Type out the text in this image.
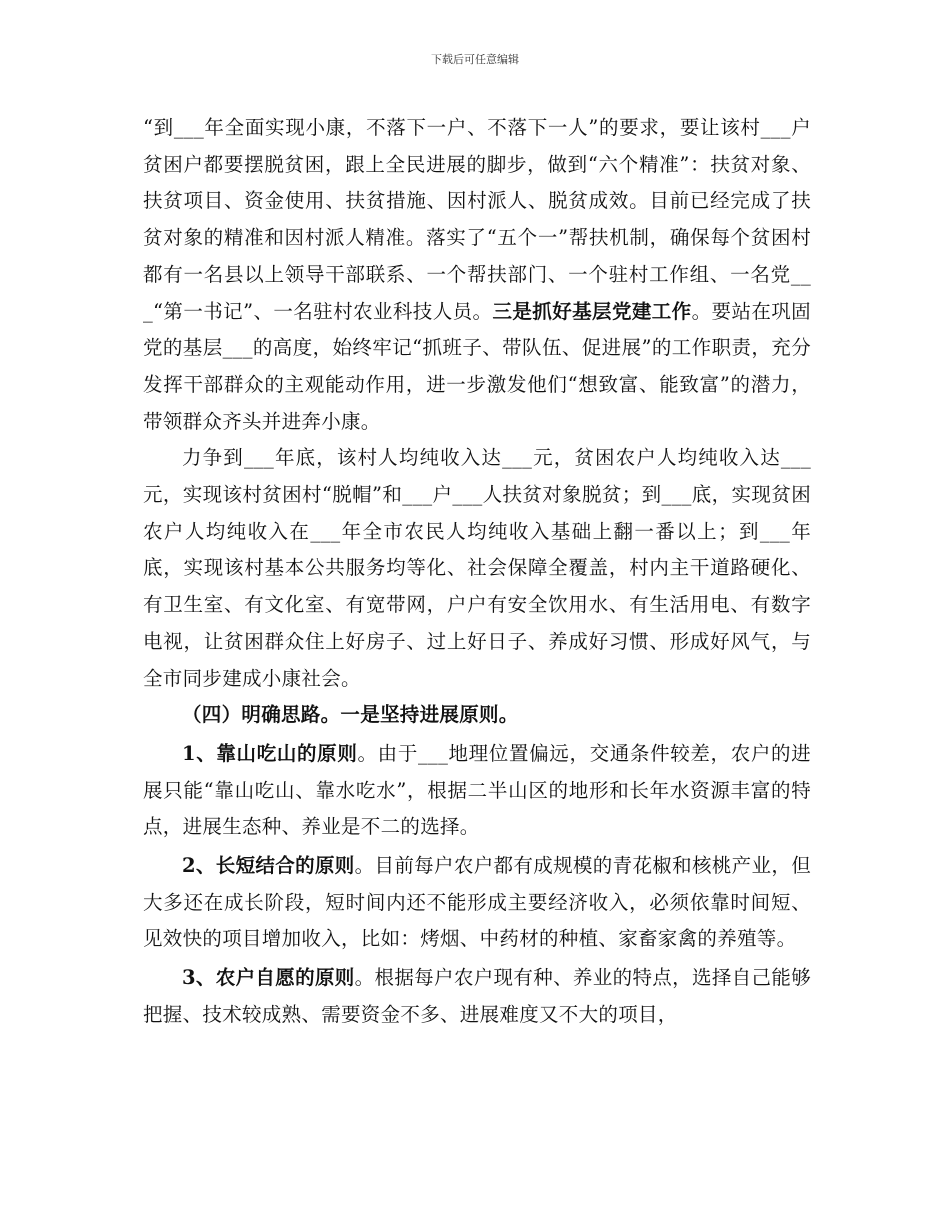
下载后可任意编辑

“到___年全面实现小康，不落下一户、不落下一人”的要求，要让该村___户贫困户都要摆脱贫困，跟上全民进展的脚步，做到“六个精准”：扶贫对象、扶贫项目、资金使用、扶贫措施、因村派人、脱贫成效。目前已经完成了扶贫对象的精准和因村派人精准。落实了“五个一”帮扶机制，确保每个贫困村都有一名县以上领导干部联系、一个帮扶部门、一个驻村工作组、一名党___“第一书记”、一名驻村农业科技人员。三是抓好基层党建工作。要站在巩固党的基层___的高度，始终牢记“抓班子、带队伍、促进展”的工作职责，充分发挥干部群众的主观能动作用，进一步激发他们“想致富、能致富”的潜力，带领群众齐头并进奔小康。

力争到___年底，该村人均纯收入达___元，贫困农户人均纯收入达___元，实现该村贫困村“脱帽”和___户___人扶贫对象脱贫；到___底，实现贫困农户人均纯收入在___年全市农民人均纯收入基础上翻一番以上；到___年底，实现该村基本公共服务均等化、社会保障全覆盖，村内主干道路硬化、有卫生室、有文化室、有宽带网，户户有安全饮用水、有生活用电、有数字电视，让贫困群众住上好房子、过上好日子、养成好习惯、形成好风气，与全市同步建成小康社会。

（四）明确思路。一是坚持进展原则。

1、靠山吃山的原则。由于___地理位置偏远，交通条件较差，农户的进展只能“靠山吃山、靠水吃水”，根据二半山区的地形和长年水资源丰富的特点，进展生态种、养业是不二的选择。

2、长短结合的原则。目前每户农户都有成规模的青花椒和核桃产业，但大多还在成长阶段，短时间内还不能形成主要经济收入，必须依靠时间短、见效快的项目增加收入，比如：烤烟、中药材的种植、家畜家禽的养殖等。

3、农户自愿的原则。根据每户农户现有种、养业的特点，选择自己能够把握、技术较成熟、需要资金不多、进展难度又不大的项目，
